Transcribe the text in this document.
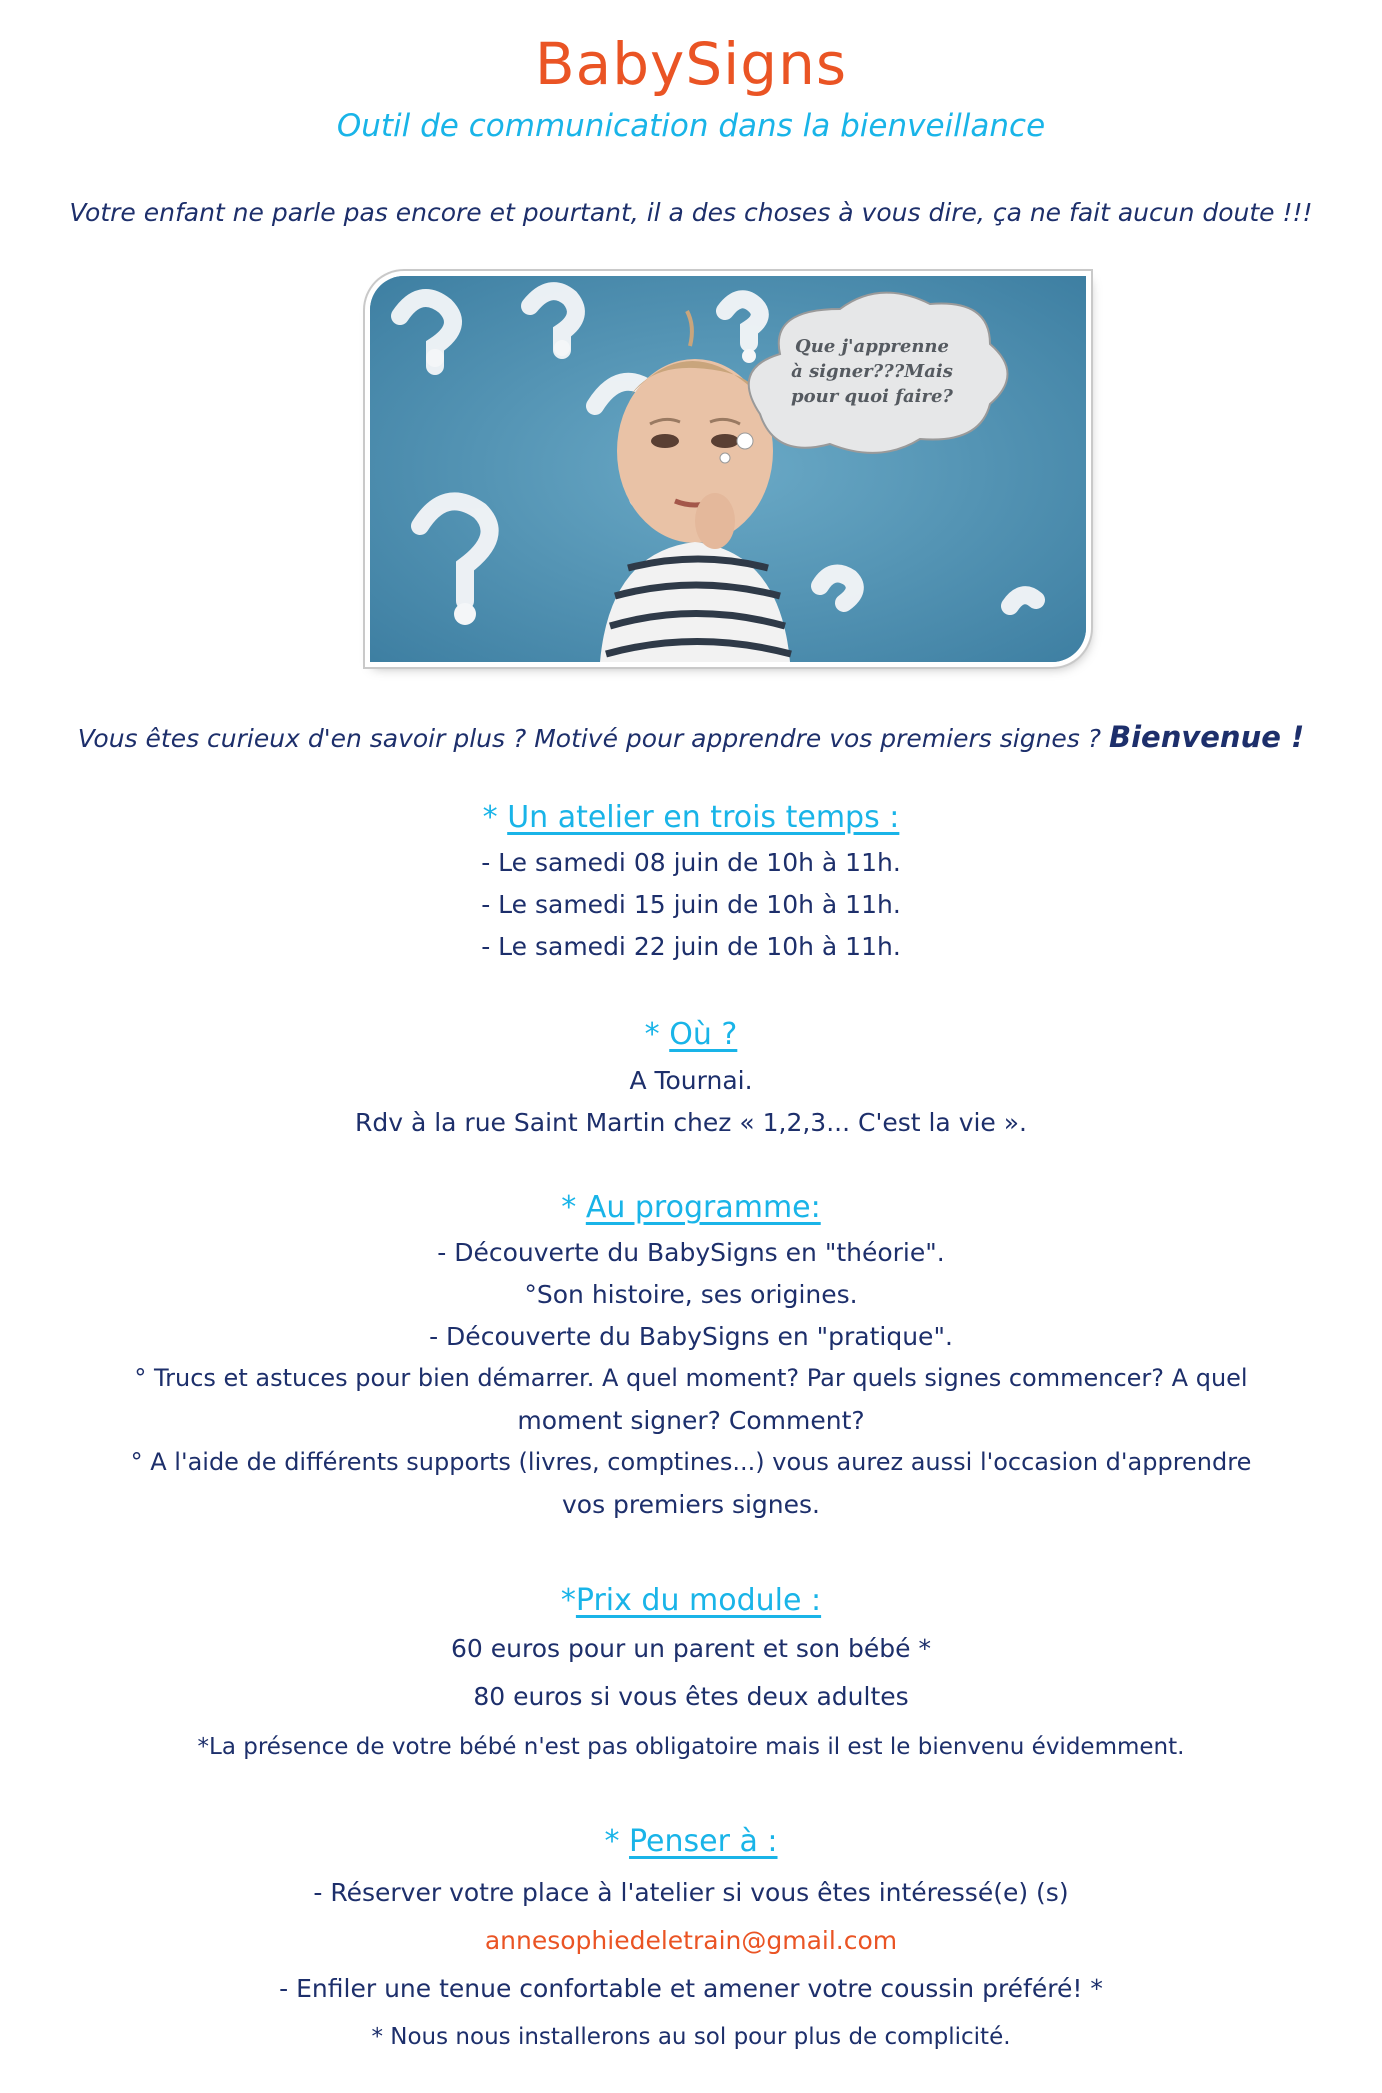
BabySigns
Outil de communication dans la bienveillance
Votre enfant ne parle pas encore et pourtant, il a des choses à vous dire, ça ne fait aucun doute !!!
Que j'apprenne
à signer???Mais
pour quoi faire?
Vous êtes curieux d'en savoir plus ? Motivé pour apprendre vos premiers signes ? Bienvenue !
* Un atelier en trois temps :
- Le samedi 08 juin de 10h à 11h.
- Le samedi 15 juin de 10h à 11h.
- Le samedi 22 juin de 10h à 11h.
* Où ?
A Tournai.
Rdv à la rue Saint Martin chez « 1,2,3... C'est la vie ».
* Au programme:
- Découverte du BabySigns en "théorie".
°Son histoire, ses origines.
- Découverte du BabySigns en "pratique".
° Trucs et astuces pour bien démarrer. A quel moment? Par quels signes commencer? A quel
moment signer? Comment?
° A l'aide de différents supports (livres, comptines...) vous aurez aussi l'occasion d'apprendre
vos premiers signes.
*Prix du module :
60 euros pour un parent et son bébé *
80 euros si vous êtes deux adultes
*La présence de votre bébé n'est pas obligatoire mais il est le bienvenu évidemment.
* Penser à :
- Réserver votre place à l'atelier si vous êtes intéressé(e) (s)
annesophiedeletrain@gmail.com
- Enfiler une tenue confortable et amener votre coussin préféré! *
* Nous nous installerons au sol pour plus de complicité.
